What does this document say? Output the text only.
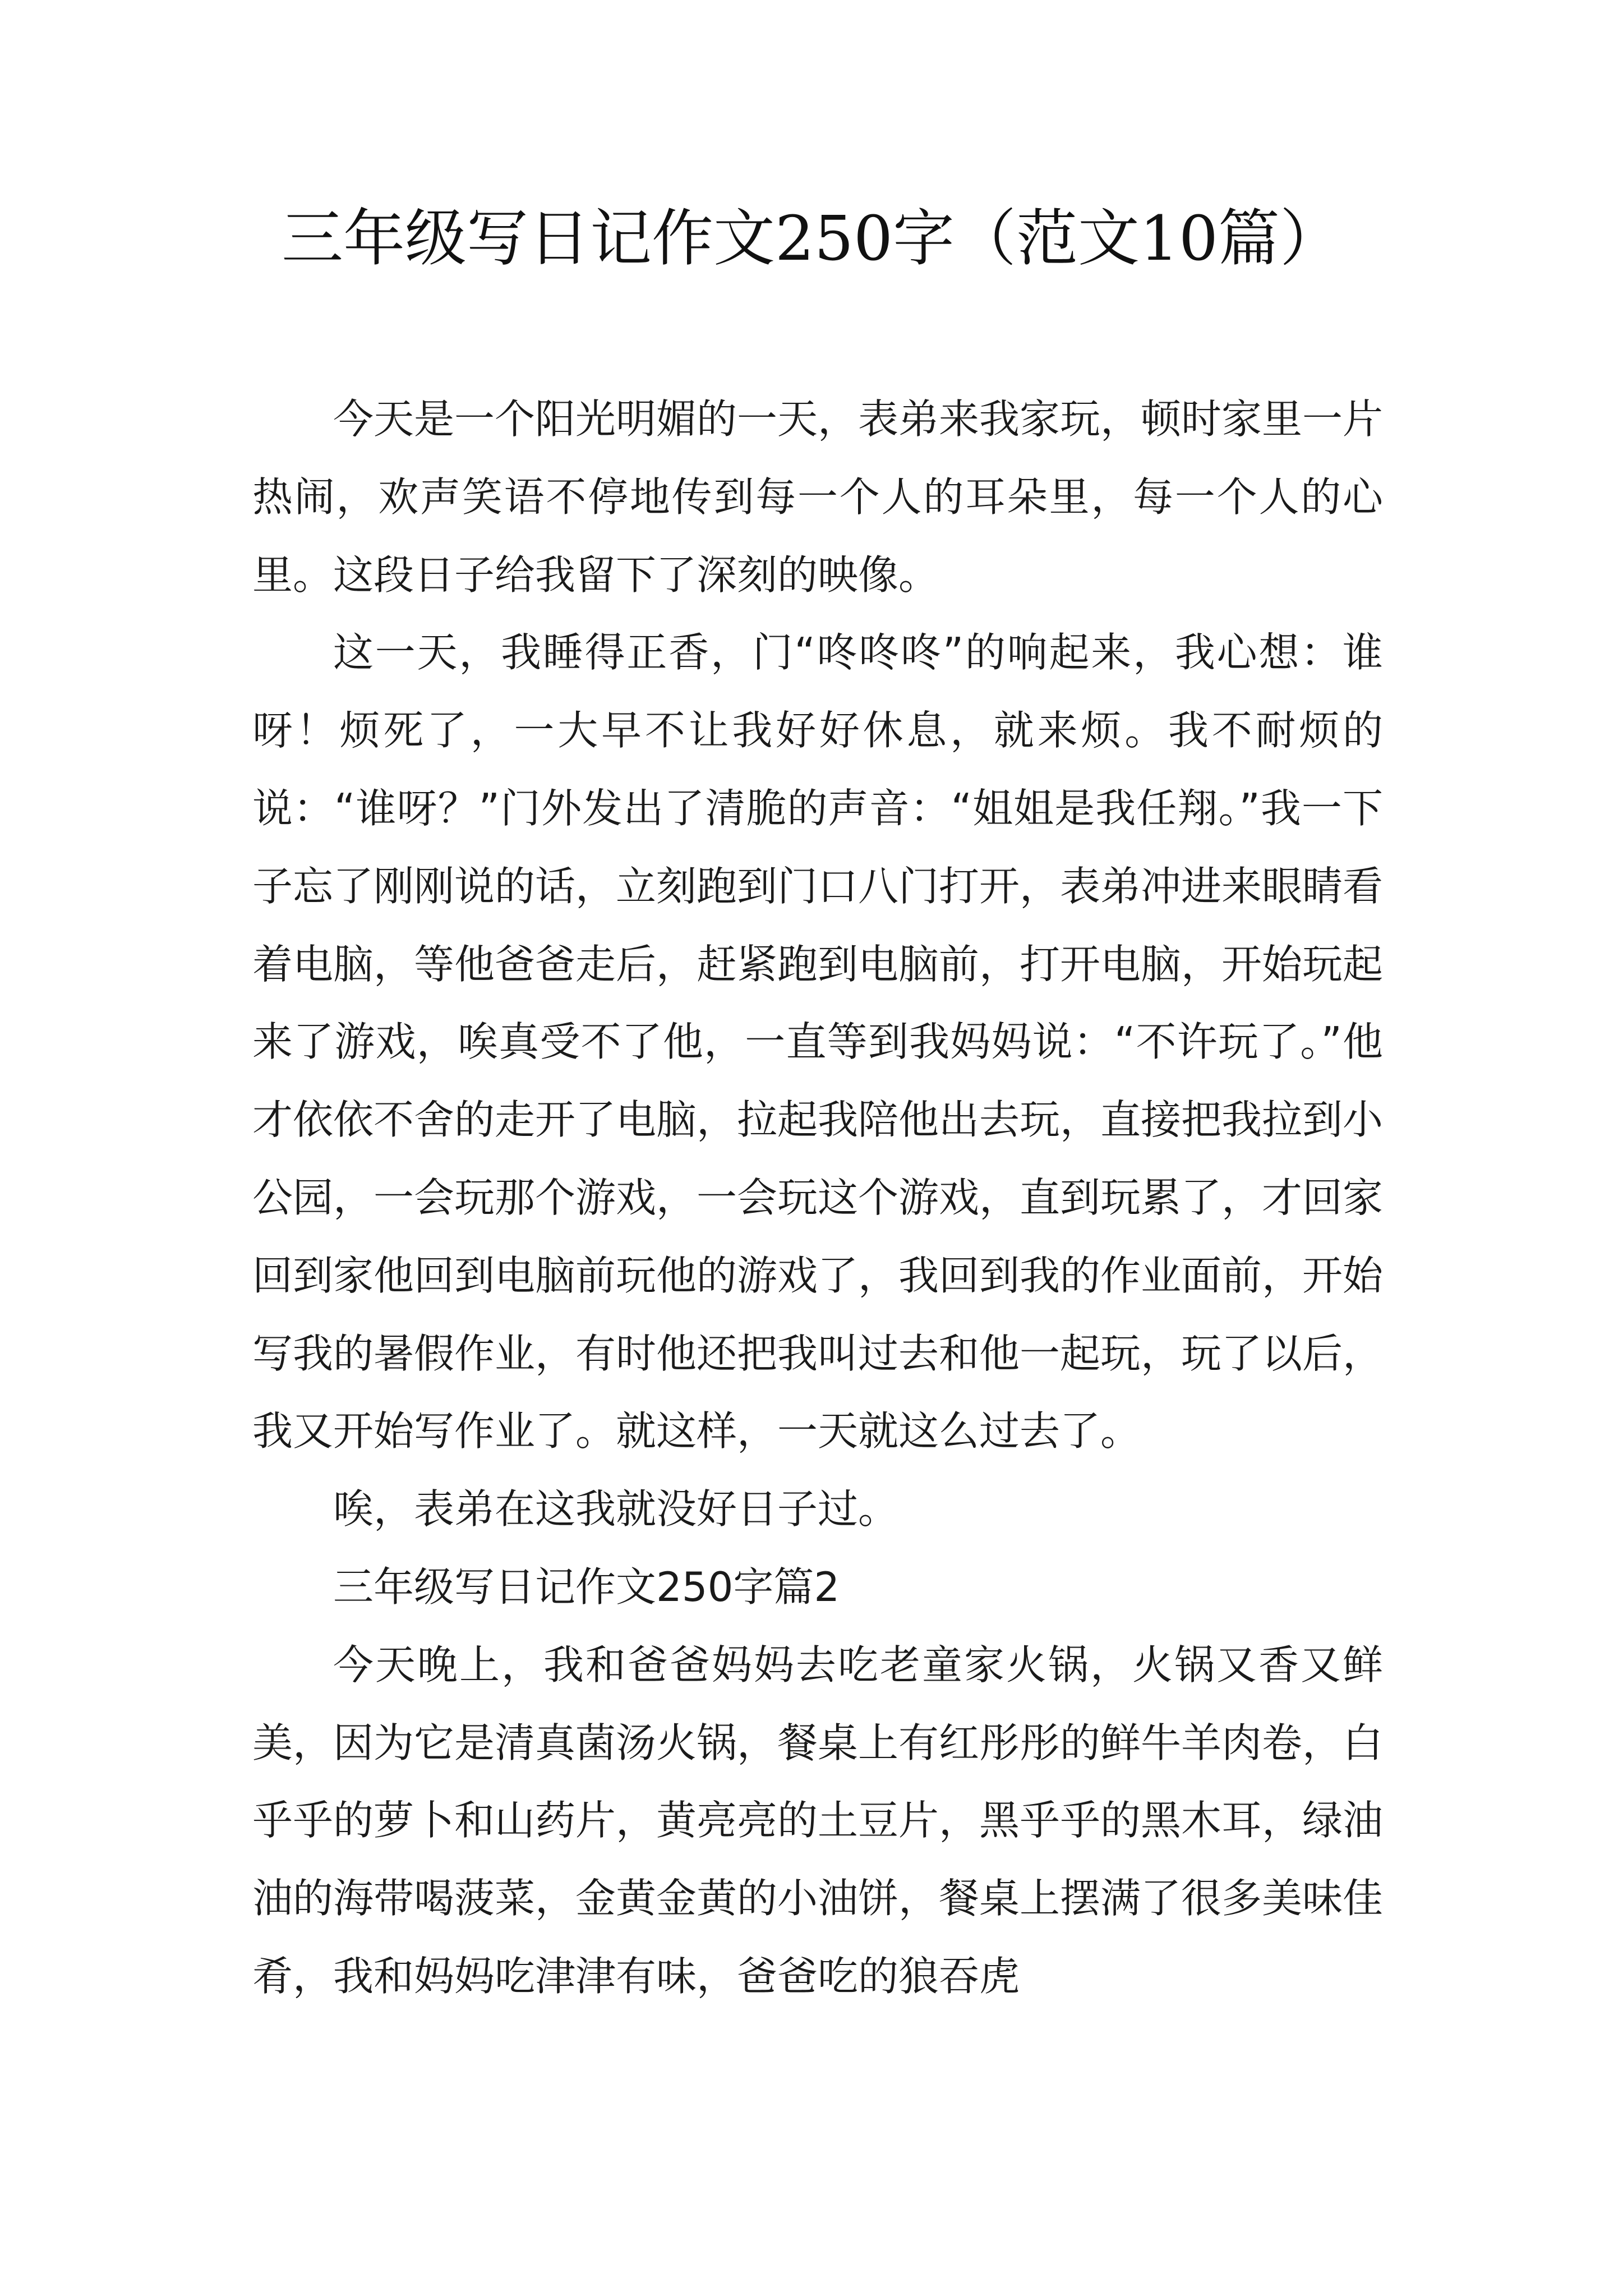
三年级写日记作文250字（范文10篇）

今天是一个阳光明媚的一天，表弟来我家玩，顿时家里一片热闹，欢声笑语不停地传到每一个人的耳朵里，每一个人的心里。这段日子给我留下了深刻的映像。

这一天，我睡得正香，门“咚咚咚”的响起来，我心想：谁呀！烦死了，一大早不让我好好休息，就来烦。我不耐烦的说：“谁呀？”门外发出了清脆的声音：“姐姐是我任翔。”我一下子忘了刚刚说的话，立刻跑到门口八门打开，表弟冲进来眼睛看着电脑，等他爸爸走后，赶紧跑到电脑前，打开电脑，开始玩起来了游戏，唉真受不了他，一直等到我妈妈说：“不许玩了。”他才依依不舍的走开了电脑，拉起我陪他出去玩，直接把我拉到小公园，一会玩那个游戏，一会玩这个游戏，直到玩累了，才回家回到家他回到电脑前玩他的游戏了，我回到我的作业面前，开始写我的暑假作业，有时他还把我叫过去和他一起玩，玩了以后，我又开始写作业了。就这样，一天就这么过去了。

唉，表弟在这我就没好日子过。

三年级写日记作文250字篇2

今天晚上，我和爸爸妈妈去吃老童家火锅，火锅又香又鲜美，因为它是清真菌汤火锅，餐桌上有红彤彤的鲜牛羊肉卷，白乎乎的萝卜和山药片，黄亮亮的土豆片，黑乎乎的黑木耳，绿油油的海带喝菠菜，金黄金黄的小油饼，餐桌上摆满了很多美味佳肴，我和妈妈吃津津有味，爸爸吃的狼吞虎
